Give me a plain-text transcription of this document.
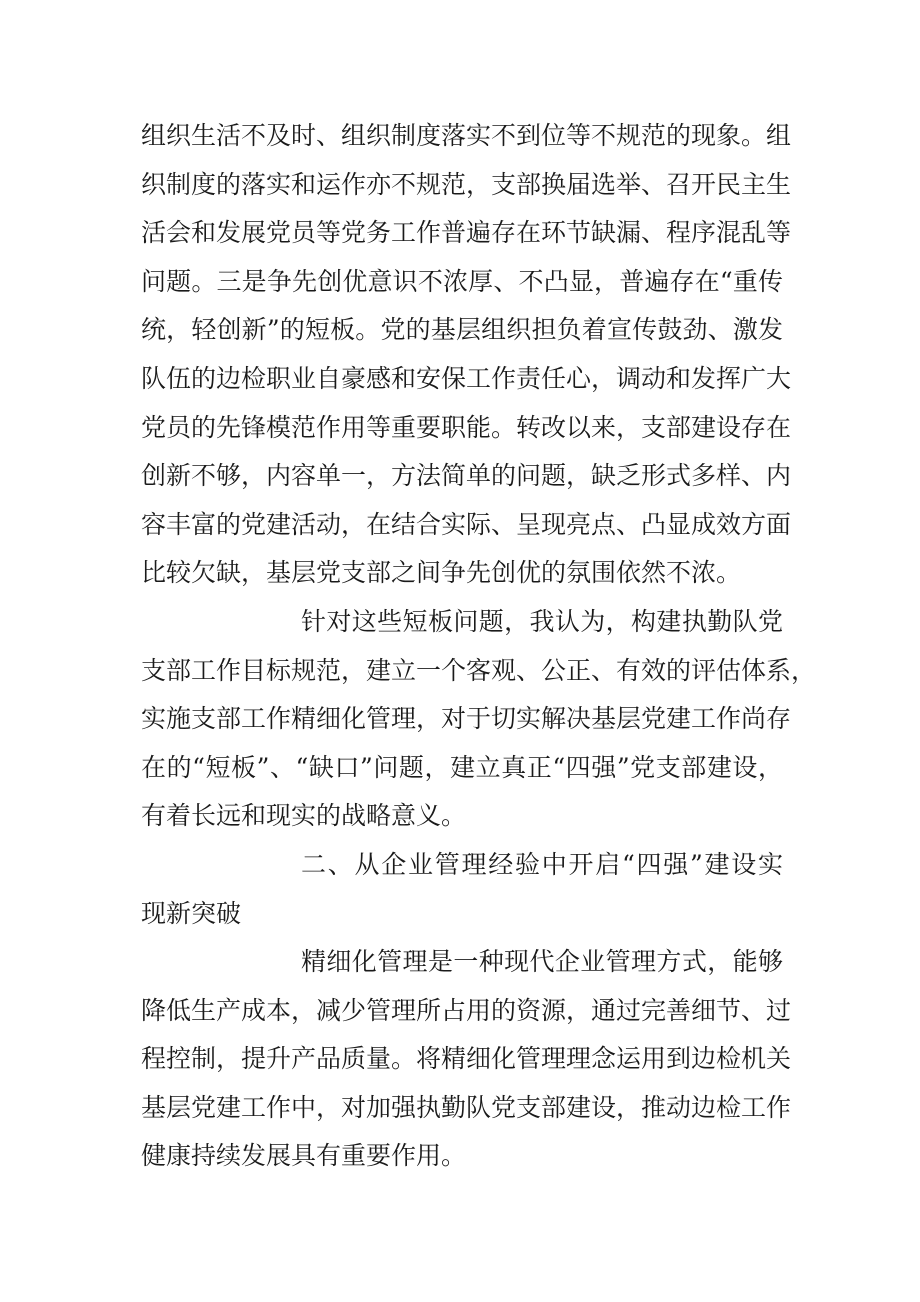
组织生活不及时、组织制度落实不到位等不规范的现象。组
织制度的落实和运作亦不规范，支部换届选举、召开民主生
活会和发展党员等党务工作普遍存在环节缺漏、程序混乱等
问题。三是争先创优意识不浓厚、不凸显，普遍存在“重传
统，轻创新”的短板。党的基层组织担负着宣传鼓劲、激发
队伍的边检职业自豪感和安保工作责任心，调动和发挥广大
党员的先锋模范作用等重要职能。转改以来，支部建设存在
创新不够，内容单一，方法简单的问题，缺乏形式多样、内
容丰富的党建活动，在结合实际、呈现亮点、凸显成效方面
比较欠缺，基层党支部之间争先创优的氛围依然不浓。
针对这些短板问题，我认为，构建执勤队党
支部工作目标规范，建立一个客观、公正、有效的评估体系，
实施支部工作精细化管理，对于切实解决基层党建工作尚存
在的“短板”、“缺口”问题，建立真正“四强”党支部建设，
有着长远和现实的战略意义。
二、从企业管理经验中开启“四强”建设实
现新突破
精细化管理是一种现代企业管理方式，能够
降低生产成本，减少管理所占用的资源，通过完善细节、过
程控制，提升产品质量。将精细化管理理念运用到边检机关
基层党建工作中，对加强执勤队党支部建设，推动边检工作
健康持续发展具有重要作用。
